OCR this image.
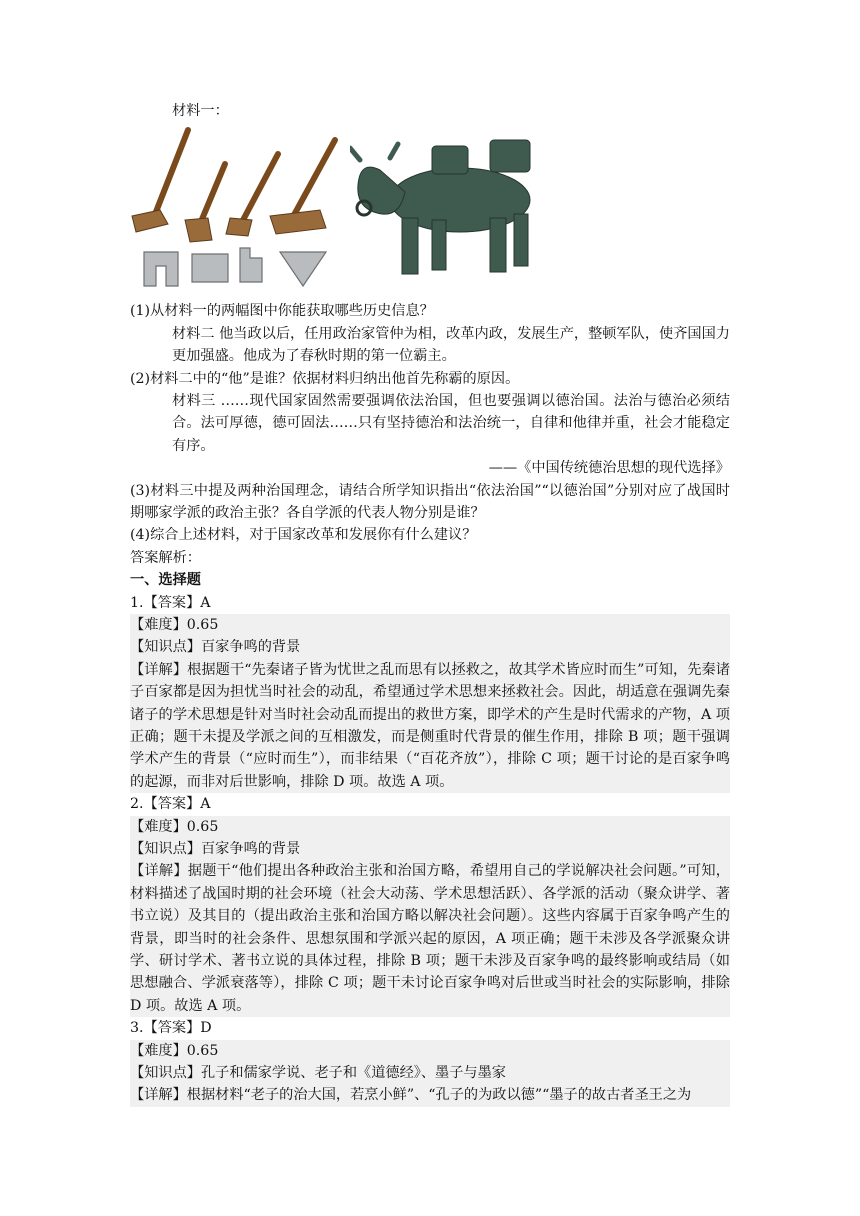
材料一：
(1)从材料一的两幅图中你能获取哪些历史信息？
材料二 他当政以后，任用政治家管仲为相，改革内政，发展生产，整顿军队，使齐国国力更加强盛。他成为了春秋时期的第一位霸主。
(2)材料二中的“他”是谁？依据材料归纳出他首先称霸的原因。
材料三 ……现代国家固然需要强调依法治国，但也要强调以德治国。法治与德治必须结合。法可厚德，德可固法……只有坚持德治和法治统一，自律和他律并重，社会才能稳定有序。
——《中国传统德治思想的现代选择》
(3)材料三中提及两种治国理念，请结合所学知识指出“依法治国”“以德治国”分别对应了战国时期哪家学派的政治主张？各自学派的代表人物分别是谁？
(4)综合上述材料，对于国家改革和发展你有什么建议？
答案解析：
一、选择题
1.【答案】A
【难度】0.65
【知识点】百家争鸣的背景
【详解】根据题干“先秦诸子皆为忧世之乱而思有以拯救之，故其学术皆应时而生”可知，先秦诸子百家都是因为担忧当时社会的动乱，希望通过学术思想来拯救社会。因此，胡适意在强调先秦诸子的学术思想是针对当时社会动乱而提出的救世方案，即学术的产生是时代需求的产物，A 项正确；题干未提及学派之间的互相激发，而是侧重时代背景的催生作用，排除 B 项；题干强调学术产生的背景（“应时而生”），而非结果（“百花齐放”），排除 C 项；题干讨论的是百家争鸣的起源，而非对后世影响，排除 D 项。故选 A 项。
2.【答案】A
【难度】0.65
【知识点】百家争鸣的背景
【详解】据题干“他们提出各种政治主张和治国方略，希望用自己的学说解决社会问题。”可知，材料描述了战国时期的社会环境（社会大动荡、学术思想活跃）、各学派的活动（聚众讲学、著书立说）及其目的（提出政治主张和治国方略以解决社会问题）。这些内容属于百家争鸣产生的背景，即当时的社会条件、思想氛围和学派兴起的原因，A 项正确；题干未涉及各学派聚众讲学、研讨学术、著书立说的具体过程，排除 B 项；题干未涉及百家争鸣的最终影响或结局（如思想融合、学派衰落等），排除 C 项；题干未讨论百家争鸣对后世或当时社会的实际影响，排除 D 项。故选 A 项。
3.【答案】D
【难度】0.65
【知识点】孔子和儒家学说、老子和《道德经》、墨子与墨家
【详解】根据材料“老子的治大国，若烹小鲜”、“孔子的为政以德”“墨子的故古者圣王之为
